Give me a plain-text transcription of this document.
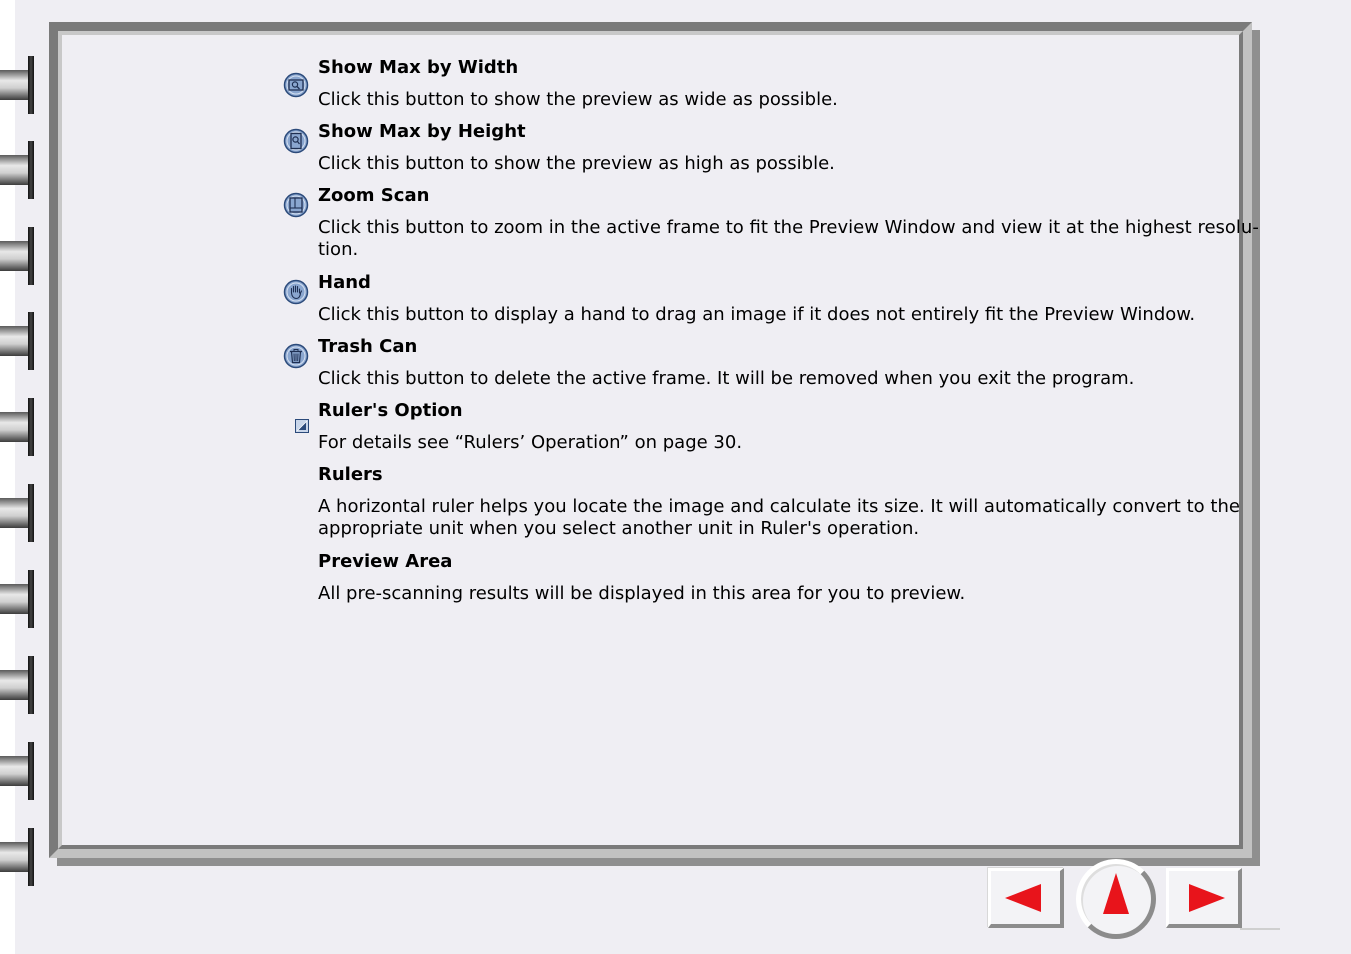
Show Max by Width

Click this button to show the preview as wide as possible.

Show Max by Height

Click this button to show the preview as high as possible.

Zoom Scan

Click this button to zoom in the active frame to fit the Preview Window and view it at the highest resolu-
tion.

Hand

Click this button to display a hand to drag an image if it does not entirely fit the Preview Window.

Trash Can

Click this button to delete the active frame. It will be removed when you exit the program.

Ruler's Option

For details see “Rulers’ Operation” on page 30.

Rulers

A horizontal ruler helps you locate the image and calculate its size. It will automatically convert to the
appropriate unit when you select another unit in Ruler's operation.

Preview Area

All pre-scanning results will be displayed in this area for you to preview.
